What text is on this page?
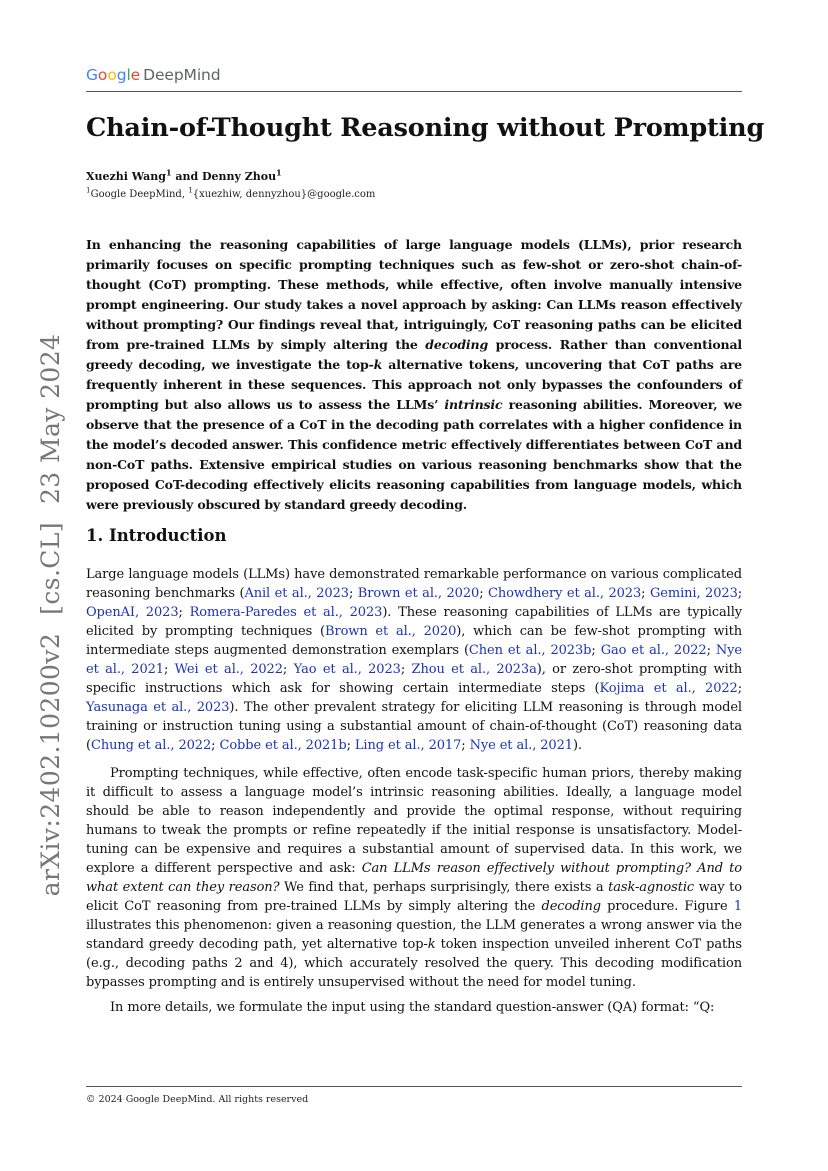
Google DeepMind
Chain-of-Thought Reasoning without Prompting
Xuezhi Wang$^1$ and Denny Zhou$^1$
$^1$Google DeepMind, $^1${xuezhiw, dennyzhou}@google.com
In enhancing the reasoning capabilities of large language models (LLMs), prior research primarily focuses on specific prompting techniques such as few-shot or zero-shot chain-of-thought (CoT) prompting. These methods, while effective, often involve manually intensive prompt engineering. Our study takes a novel approach by asking: Can LLMs reason effectively without prompting? Our findings reveal that, intriguingly, CoT reasoning paths can be elicited from pre-trained LLMs by simply altering the decoding process. Rather than conventional greedy decoding, we investigate the top-k alternative tokens, uncovering that CoT paths are frequently inherent in these sequences. This approach not only bypasses the confounders of prompting but also allows us to assess the LLMs’ intrinsic reasoning abilities. Moreover, we observe that the presence of a CoT in the decoding path correlates with a higher confidence in the model’s decoded answer. This confidence metric effectively differentiates between CoT and non-CoT paths. Extensive empirical studies on various reasoning benchmarks show that the proposed CoT-decoding effectively elicits reasoning capabilities from language models, which were previously obscured by standard greedy decoding.
1. Introduction
Large language models (LLMs) have demonstrated remarkable performance on various complicated reasoning benchmarks (Anil et al., 2023; Brown et al., 2020; Chowdhery et al., 2023; Gemini, 2023; OpenAI, 2023; Romera-Paredes et al., 2023). These reasoning capabilities of LLMs are typically elicited by prompting techniques (Brown et al., 2020), which can be few-shot prompting with intermediate steps augmented demonstration exemplars (Chen et al., 2023b; Gao et al., 2022; Nye et al., 2021; Wei et al., 2022; Yao et al., 2023; Zhou et al., 2023a), or zero-shot prompting with specific instructions which ask for showing certain intermediate steps (Kojima et al., 2022; Yasunaga et al., 2023). The other prevalent strategy for eliciting LLM reasoning is through model training or instruction tuning using a substantial amount of chain-of-thought (CoT) reasoning data (Chung et al., 2022; Cobbe et al., 2021b; Ling et al., 2017; Nye et al., 2021).
Prompting techniques, while effective, often encode task-specific human priors, thereby making it difficult to assess a language model’s intrinsic reasoning abilities. Ideally, a language model should be able to reason independently and provide the optimal response, without requiring humans to tweak the prompts or refine repeatedly if the initial response is unsatisfactory. Model-tuning can be expensive and requires a substantial amount of supervised data. In this work, we explore a different perspective and ask: Can LLMs reason effectively without prompting? And to what extent can they reason? We find that, perhaps surprisingly, there exists a task-agnostic way to elicit CoT reasoning from pre-trained LLMs by simply altering the decoding procedure. Figure 1 illustrates this phenomenon: given a reasoning question, the LLM generates a wrong answer via the standard greedy decoding path, yet alternative top-k token inspection unveiled inherent CoT paths (e.g., decoding paths 2 and 4), which accurately resolved the query. This decoding modification bypasses prompting and is entirely unsupervised without the need for model tuning.
In more details, we formulate the input using the standard question-answer (QA) format: “Q:
arXiv:2402.10200v2[cs.CL]23 May 2024
© 2024 Google DeepMind. All rights reserved
